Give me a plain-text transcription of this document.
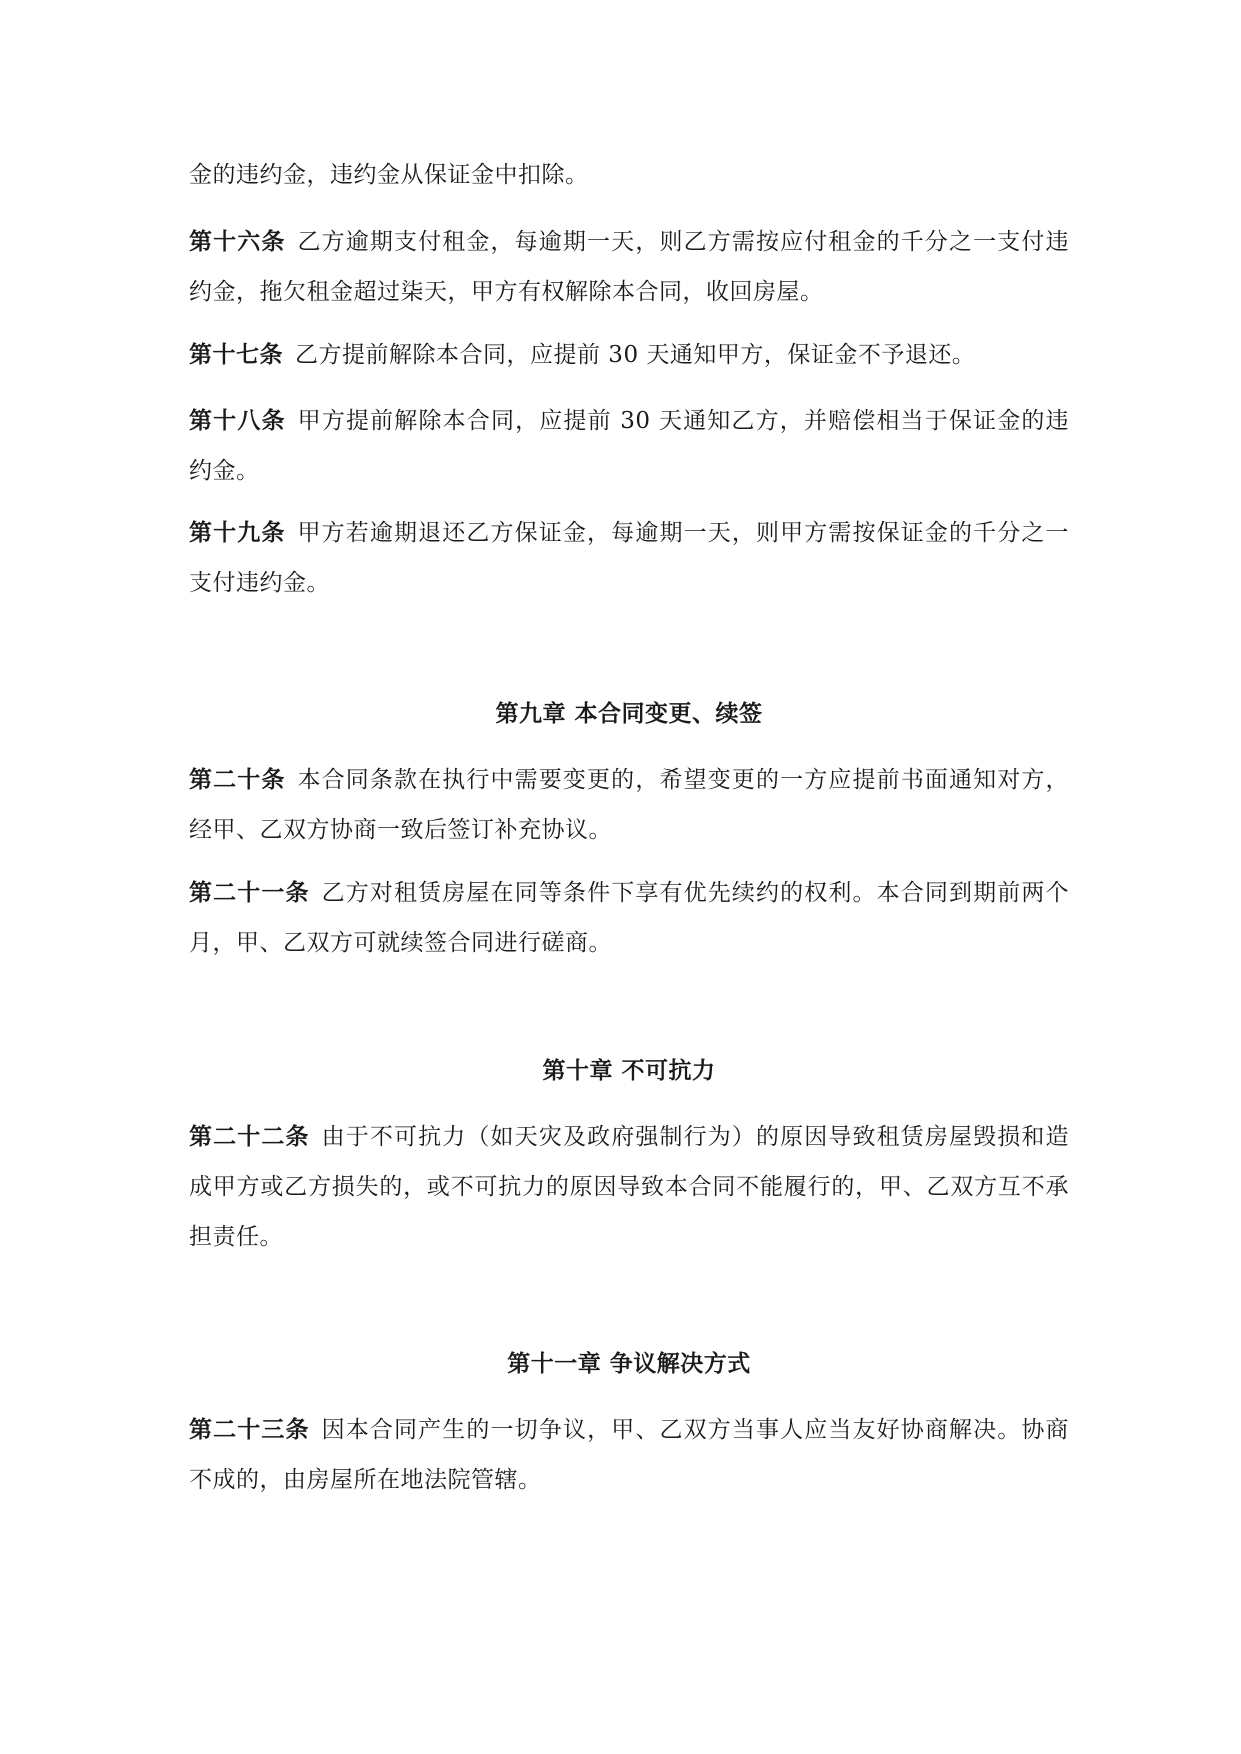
金的违约金，违约金从保证金中扣除。

第十六条 乙方逾期支付租金，每逾期一天，则乙方需按应付租金的千分之一支付违约金，拖欠租金超过柒天，甲方有权解除本合同，收回房屋。

第十七条 乙方提前解除本合同，应提前 30 天通知甲方，保证金不予退还。

第十八条 甲方提前解除本合同，应提前 30 天通知乙方，并赔偿相当于保证金的违约金。

第十九条 甲方若逾期退还乙方保证金，每逾期一天，则甲方需按保证金的千分之一支付违约金。

第九章 本合同变更、续签

第二十条 本合同条款在执行中需要变更的，希望变更的一方应提前书面通知对方，经甲、乙双方协商一致后签订补充协议。

第二十一条 乙方对租赁房屋在同等条件下享有优先续约的权利。本合同到期前两个月，甲、乙双方可就续签合同进行磋商。

第十章 不可抗力

第二十二条 由于不可抗力（如天灾及政府强制行为）的原因导致租赁房屋毁损和造成甲方或乙方损失的，或不可抗力的原因导致本合同不能履行的，甲、乙双方互不承担责任。

第十一章 争议解决方式

第二十三条 因本合同产生的一切争议，甲、乙双方当事人应当友好协商解决。协商不成的，由房屋所在地法院管辖。
